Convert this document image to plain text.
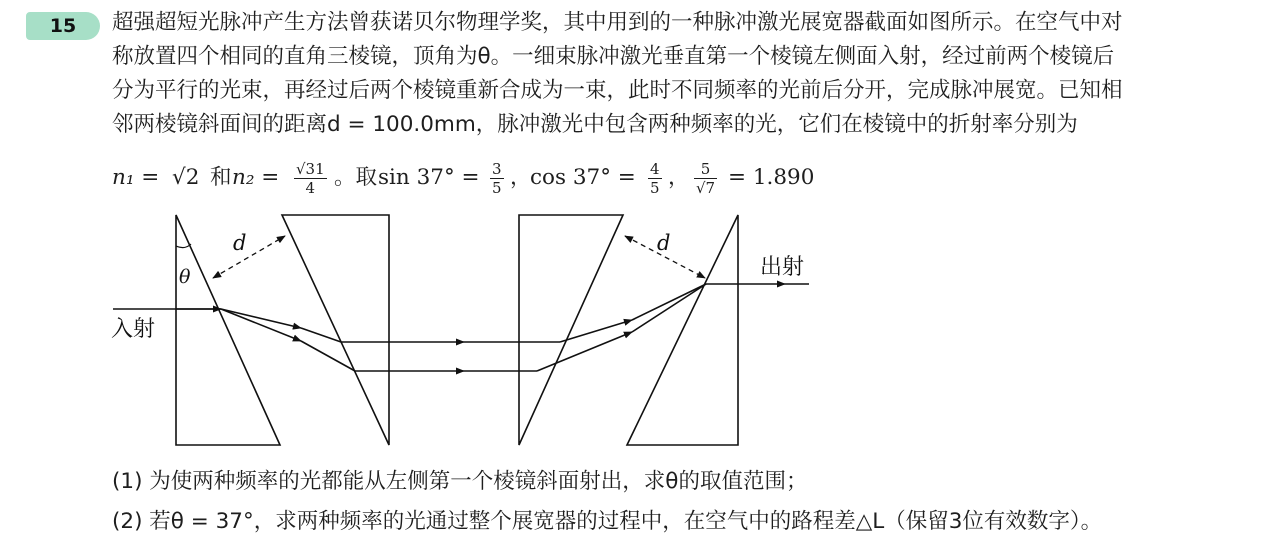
15	超强超短光脉冲产生方法曾获诺贝尔物理学奖，其中用到的一种脉冲激光展宽器截面如图所示。在空气中对
称放置四个相同的直角三棱镜，顶角为θ。一细束脉冲激光垂直第一个棱镜左侧面入射，经过前两个棱镜后
分为平行的光束，再经过后两个棱镜重新合成为一束，此时不同频率的光前后分开，完成脉冲展宽。已知相
邻两棱镜斜面间的距离d = 100.0mm，脉冲激光中包含两种频率的光，它们在棱镜中的折射率分别为
n₁ = √2 和 $n_2 = \frac{√31}{4}$ 。取 $\sin 37^\circ = \frac{3}{5}$ ，
$\cos 37^\circ = \frac{4}{5}$ ， $\frac{5}{√7} = 1.890$
θ
d	d
入射
出射
(1) 为使两种频率的光都能从左侧第一个棱镜斜面射出，求θ的取值范围；
(2) 若θ = 37°，求两种频率的光通过整个展宽器的过程中，在空气中的路程差△L（保留3位有效数字）。
